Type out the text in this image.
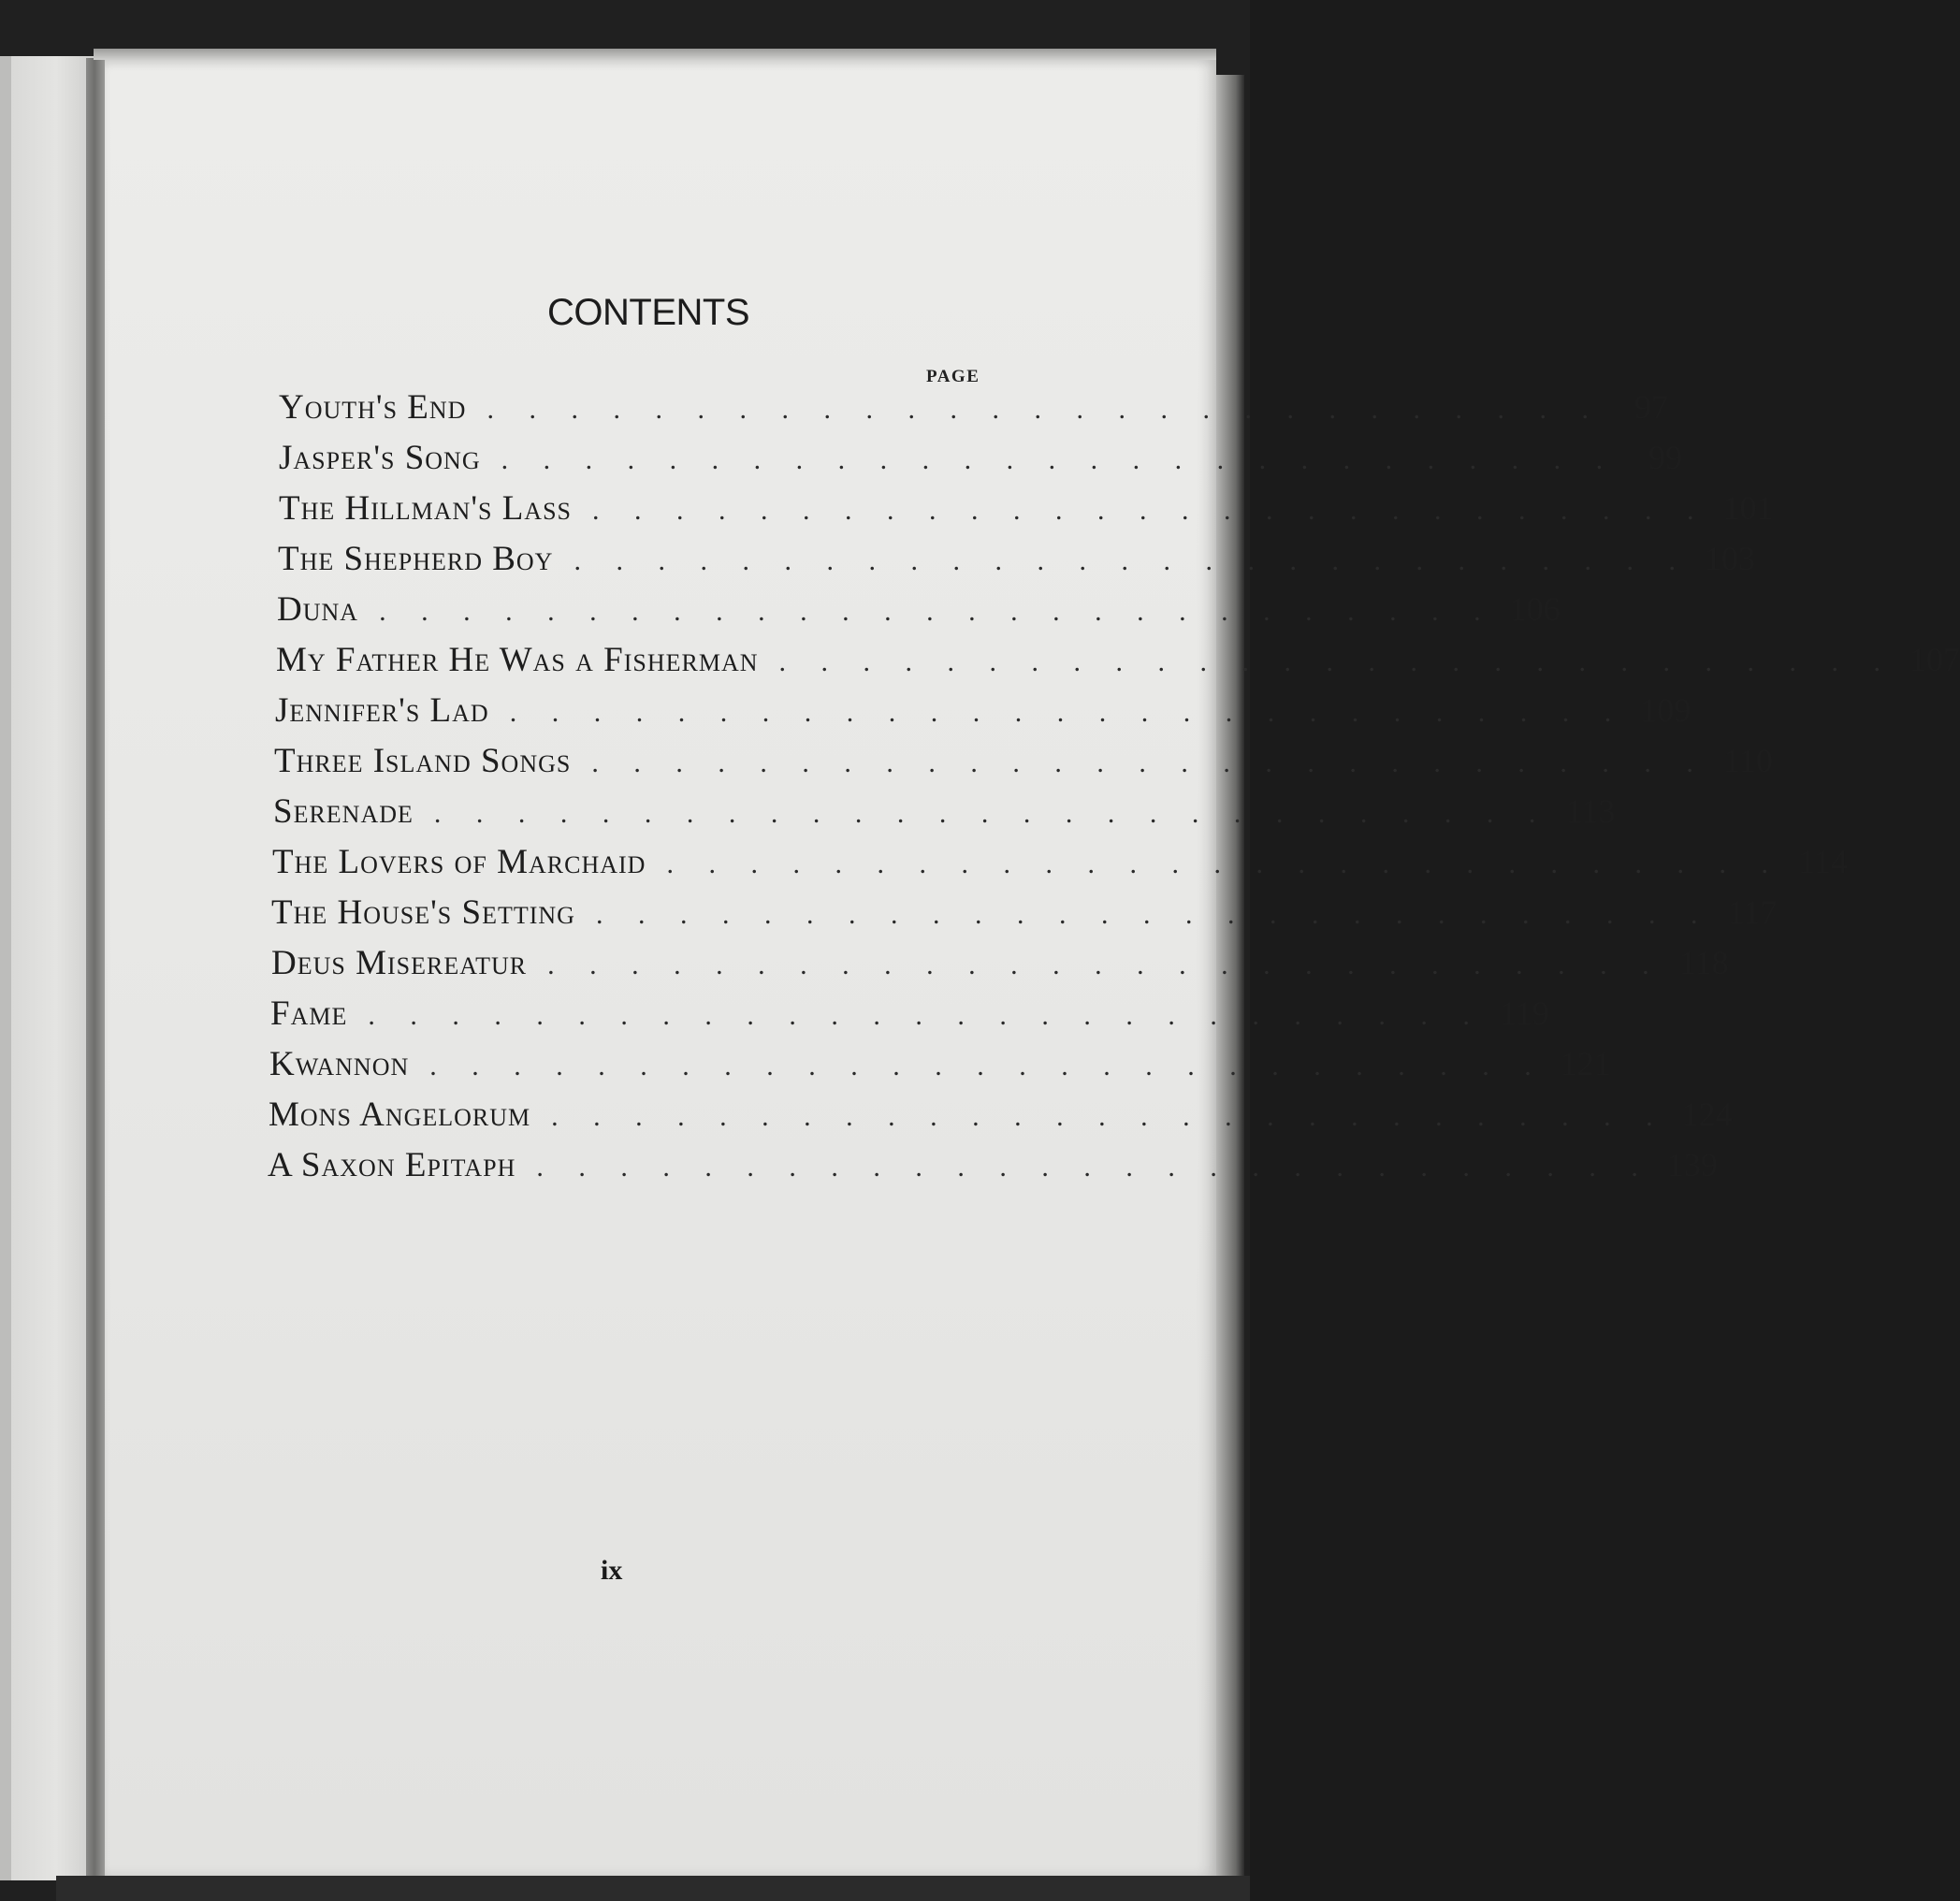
CONTENTS
PAGE
Youth's End . . . . . . . . . . . . . . . . . . . . . . . . . . . 97
Jasper's Song . . . . . . . . . . . . . . . . . . . . . . . . . . . 99
The Hillman's Lass . . . . . . . . . . . . . . . . . . . . . . . . . . . 101
The Shepherd Boy . . . . . . . . . . . . . . . . . . . . . . . . . . . 103
Duna . . . . . . . . . . . . . . . . . . . . . . . . . . . 106
My Father He Was a Fisherman . . . . . . . . . . . . . . . . . . . . . . . . . . . 107
Jennifer's Lad . . . . . . . . . . . . . . . . . . . . . . . . . . . 109
Three Island Songs . . . . . . . . . . . . . . . . . . . . . . . . . . . 110
Serenade . . . . . . . . . . . . . . . . . . . . . . . . . . . 113
The Lovers of Marchaid . . . . . . . . . . . . . . . . . . . . . . . . . . . 114
The House's Setting . . . . . . . . . . . . . . . . . . . . . . . . . . . 117
Deus Misereatur . . . . . . . . . . . . . . . . . . . . . . . . . . . 118
Fame . . . . . . . . . . . . . . . . . . . . . . . . . . . 119
Kwannon . . . . . . . . . . . . . . . . . . . . . . . . . . . 121
Mons Angelorum . . . . . . . . . . . . . . . . . . . . . . . . . . . 124
A Saxon Epitaph . . . . . . . . . . . . . . . . . . . . . . . . . . . 139
ix
